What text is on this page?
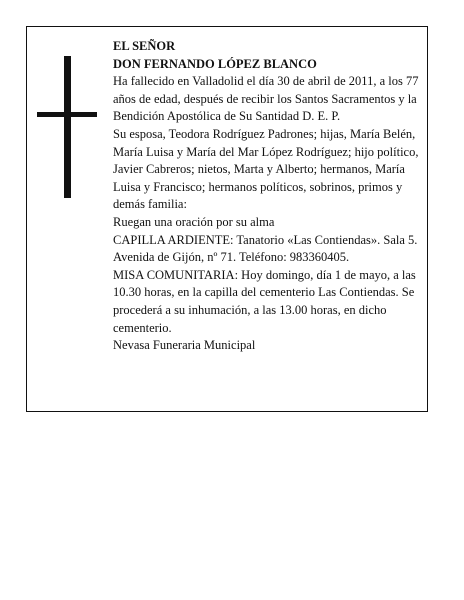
EL SEÑOR

DON FERNANDO LÓPEZ BLANCO

Ha fallecido en Valladolid el día 30 de abril de 2011, a los 77 años de edad, después de recibir los Santos Sacramentos y la Bendición Apostólica de Su Santidad D. E. P.

Su esposa, Teodora Rodríguez Padrones; hijas, María Belén, María Luisa y María del Mar López Rodríguez; hijo político, Javier Cabreros; nietos, Marta y Alberto; hermanos, María Luisa y Francisco; hermanos políticos, sobrinos, primos y demás familia:

Ruegan una oración por su alma

CAPILLA ARDIENTE: Tanatorio «Las Contiendas». Sala 5. Avenida de Gijón, nº 71. Teléfono: 983360405.

MISA COMUNITARIA: Hoy domingo, día 1 de mayo, a las 10.30 horas, en la capilla del cementerio Las Contiendas. Se procederá a su inhumación, a las 13.00 horas, en dicho cementerio.

Nevasa Funeraria Municipal
